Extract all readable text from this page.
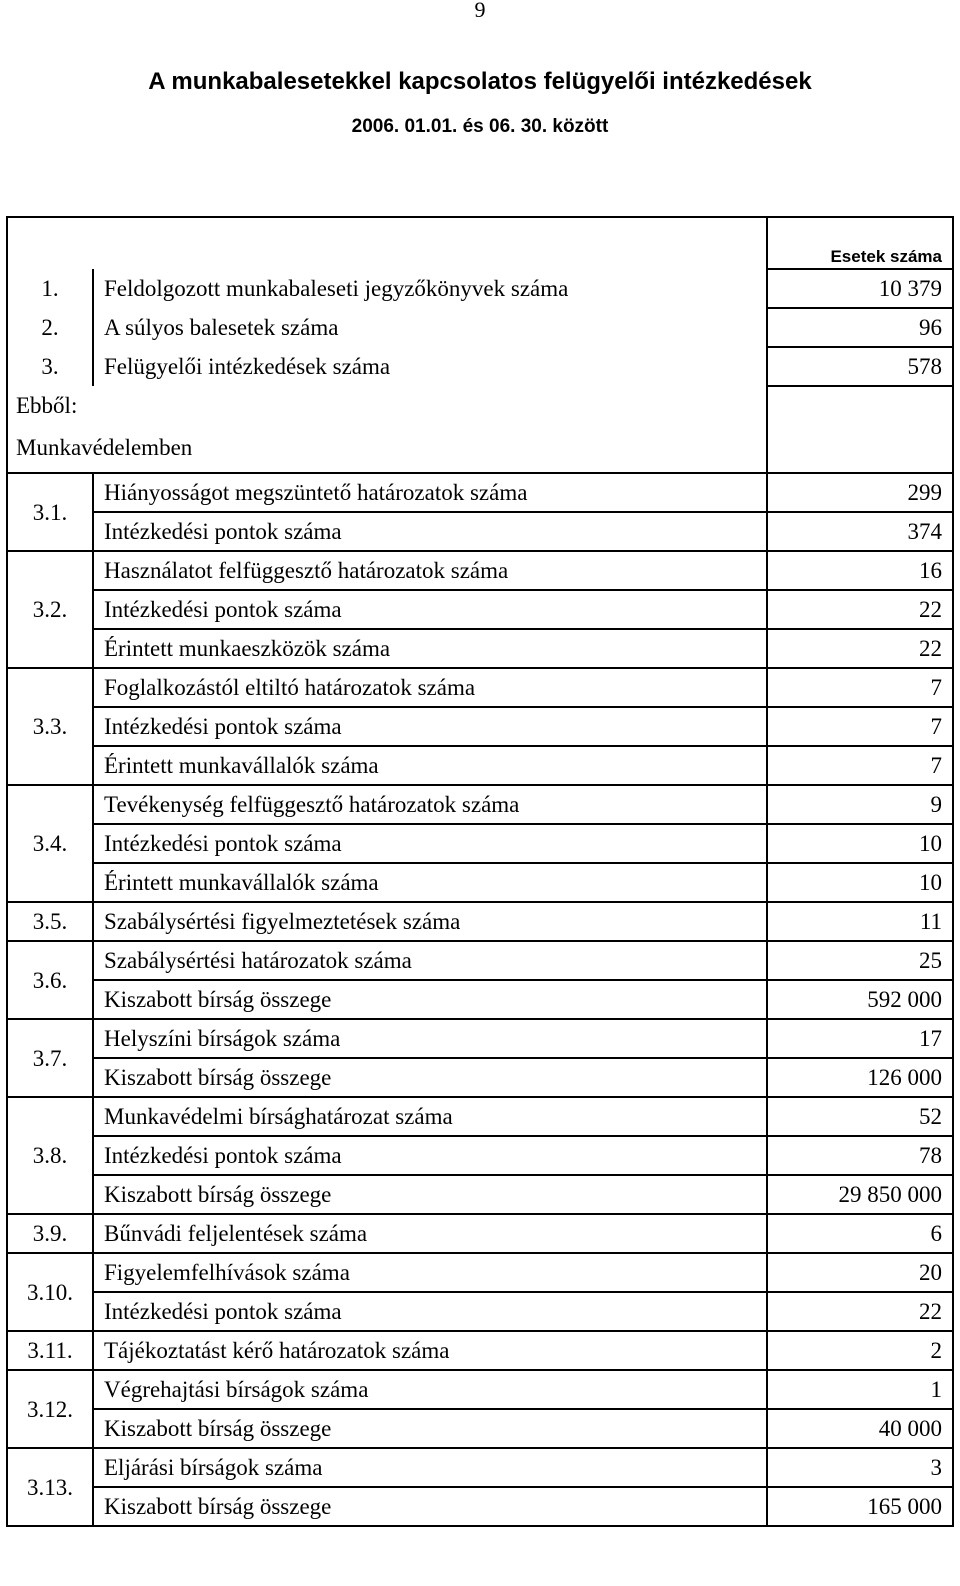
9
A munkabalesetekkel kapcsolatos felügyelői intézkedések
2006. 01.01. és 06. 30. között
		Esetek száma
1.	Feldolgozott munkabaleseti jegyzőkönyvek száma	10 379
2.	A súlyos balesetek száma	96
3.	Felügyelői intézkedések száma	578
Ebből:		
Munkavédelemben		
3.1.	Hiányosságot megszüntető határozatok száma	299
	Intézkedési pontok száma	374
3.2.	Használatot felfüggesztő határozatok száma	16
	Intézkedési pontok száma	22
	Érintett munkaeszközök száma	22
3.3.	Foglalkozástól eltiltó határozatok száma	7
	Intézkedési pontok száma	7
	Érintett munkavállalók száma	7
3.4.	Tevékenység felfüggesztő határozatok száma	9
	Intézkedési pontok száma	10
	Érintett munkavállalók száma	10
3.5.	Szabálysértési figyelmeztetések száma	11
3.6.	Szabálysértési határozatok száma	25
	Kiszabott bírság összege	592 000
3.7.	Helyszíni bírságok száma	17
	Kiszabott bírság összege	126 000
3.8.	Munkavédelmi bírsághatározat száma	52
	Intézkedési pontok száma	78
	Kiszabott bírság összege	29 850 000
3.9.	Bűnvádi feljelentések száma	6
3.10.	Figyelemfelhívások száma	20
	Intézkedési pontok száma	22
3.11.	Tájékoztatást kérő határozatok száma	2
3.12.	Végrehajtási bírságok száma	1
	Kiszabott bírság összege	40 000
3.13.	Eljárási bírságok száma	3
	Kiszabott bírság összege	165 000
